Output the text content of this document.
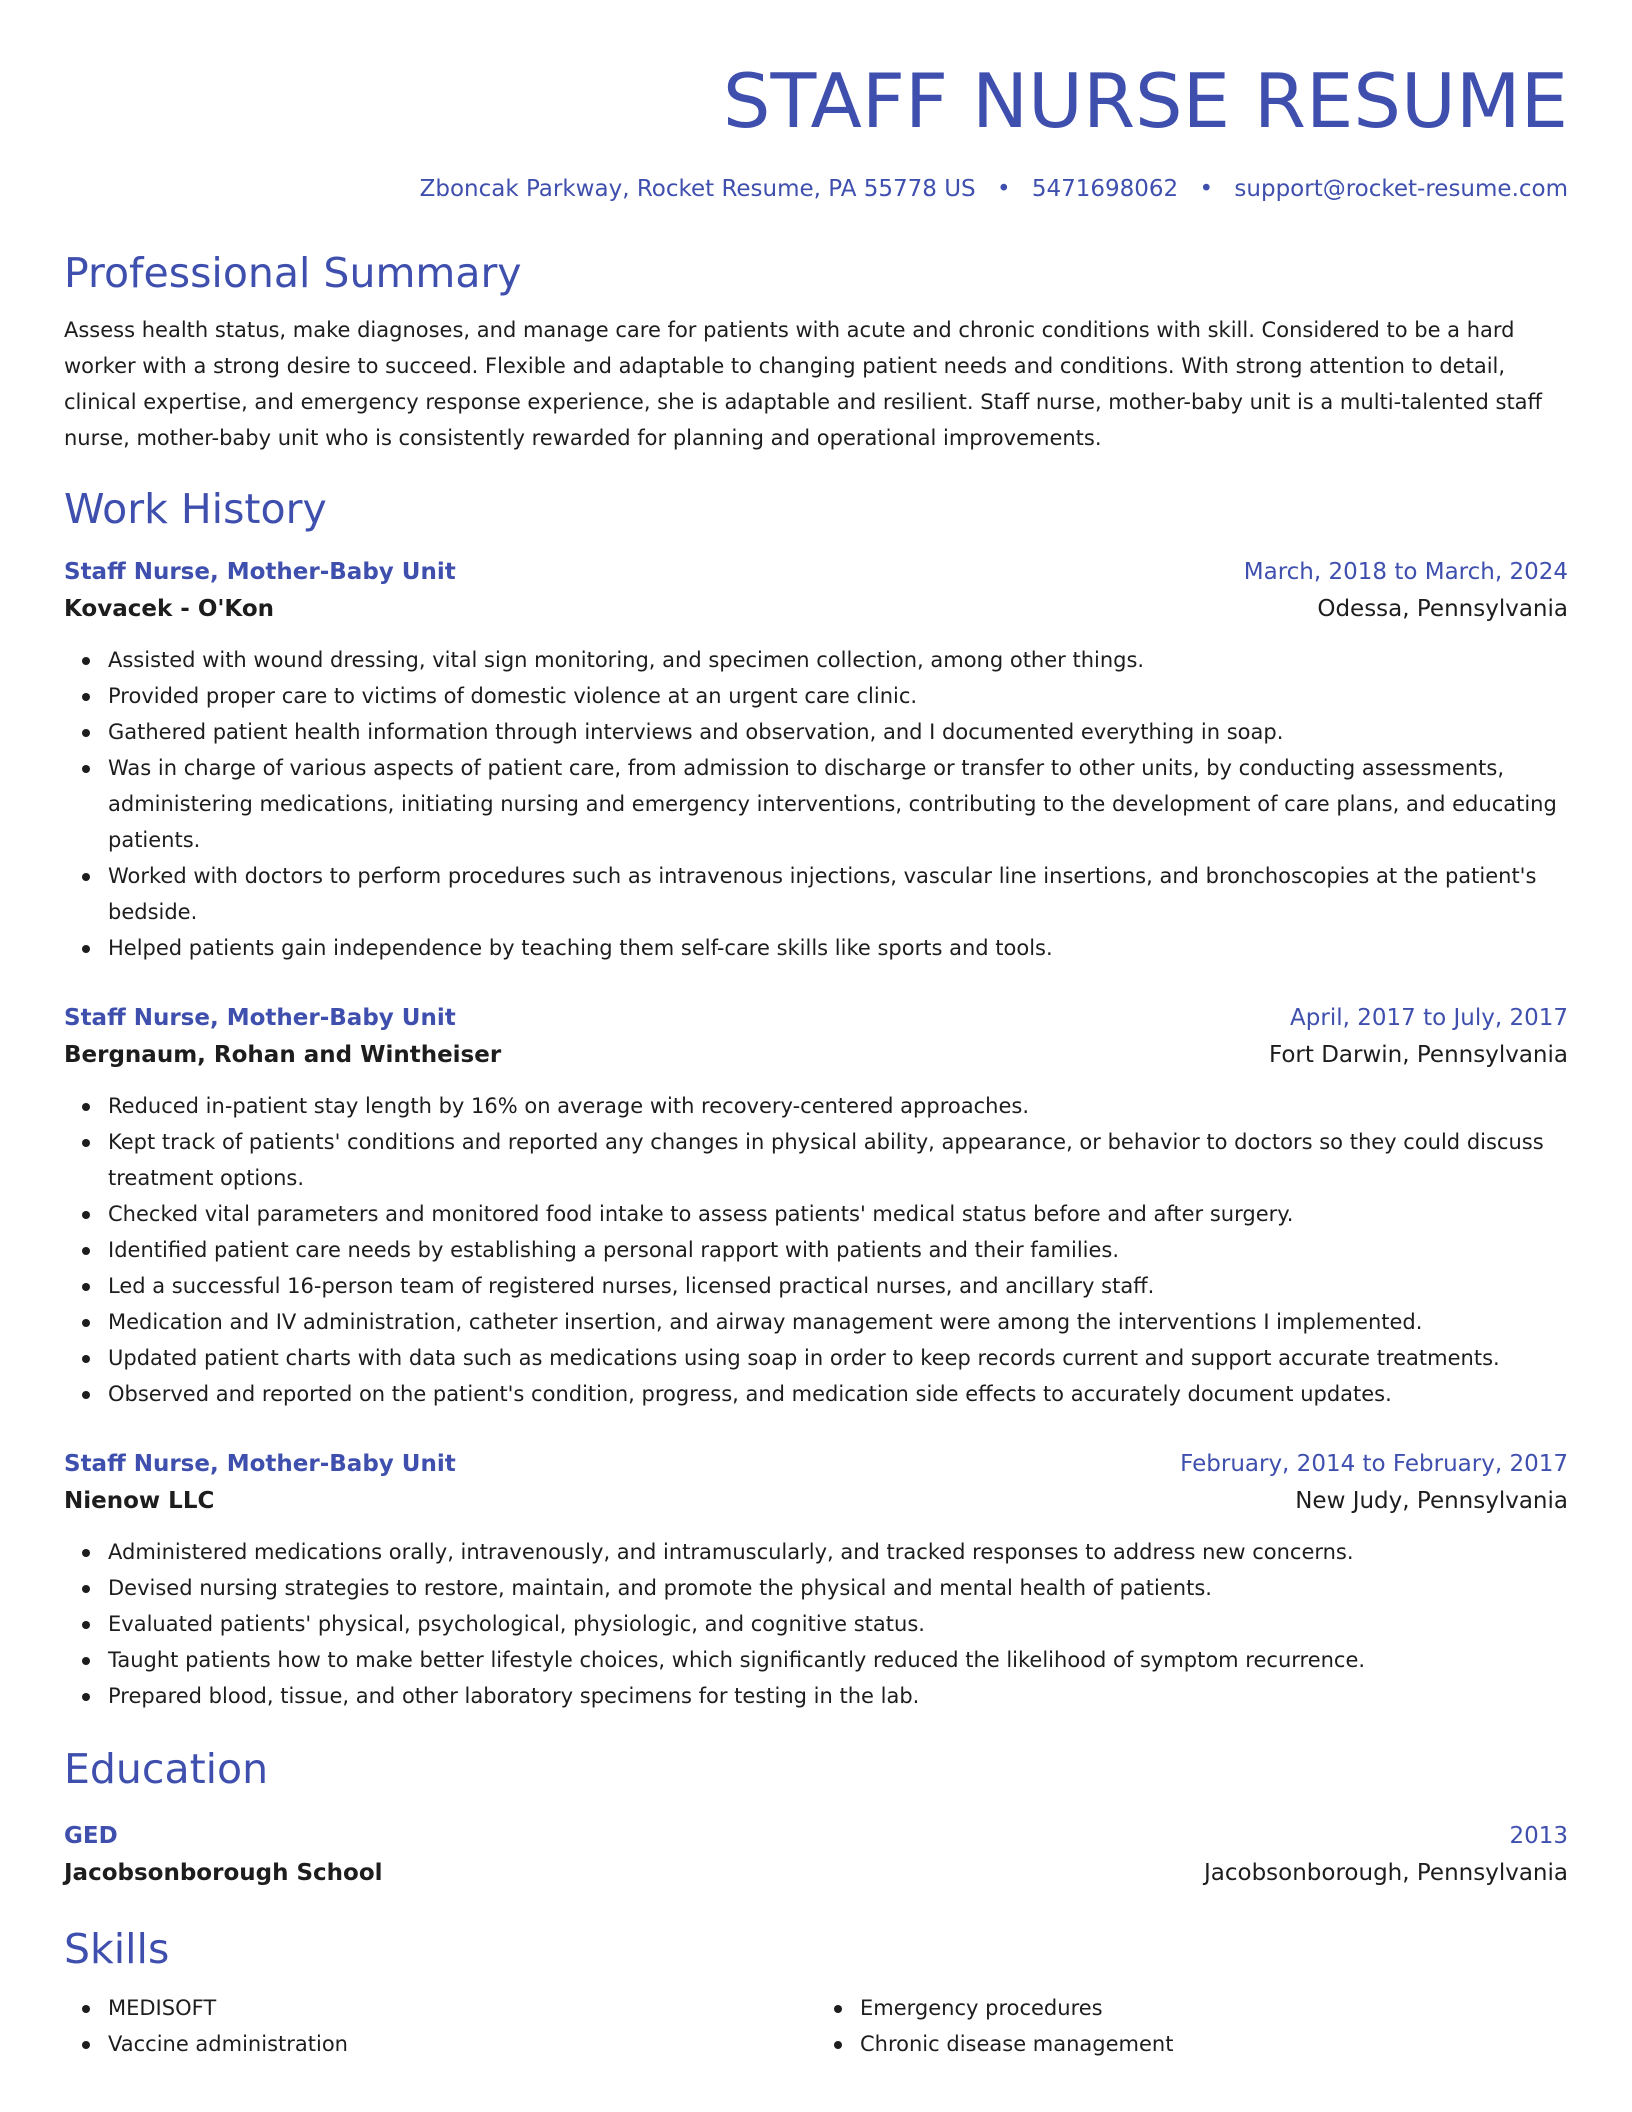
STAFF NURSE RESUME
Zboncak Parkway, Rocket Resume, PA 55778 US • 5471698062 • support@rocket-resume.com
Professional Summary
Assess health status, make diagnoses, and manage care for patients with acute and chronic conditions with skill. Considered to be a hard worker with a strong desire to succeed. Flexible and adaptable to changing patient needs and conditions. With strong attention to detail, clinical expertise, and emergency response experience, she is adaptable and resilient. Staff nurse, mother-baby unit is a multi-talented staff nurse, mother-baby unit who is consistently rewarded for planning and operational improvements.
Work History
Staff Nurse, Mother-Baby Unit	March, 2018 to March, 2024
Kovacek - O'Kon	Odessa, Pennsylvania
Assisted with wound dressing, vital sign monitoring, and specimen collection, among other things.
Provided proper care to victims of domestic violence at an urgent care clinic.
Gathered patient health information through interviews and observation, and I documented everything in soap.
Was in charge of various aspects of patient care, from admission to discharge or transfer to other units, by conducting assessments, administering medications, initiating nursing and emergency interventions, contributing to the development of care plans, and educating patients.
Worked with doctors to perform procedures such as intravenous injections, vascular line insertions, and bronchoscopies at the patient's bedside.
Helped patients gain independence by teaching them self-care skills like sports and tools.
Staff Nurse, Mother-Baby Unit	April, 2017 to July, 2017
Bergnaum, Rohan and Wintheiser	Fort Darwin, Pennsylvania
Reduced in-patient stay length by 16% on average with recovery-centered approaches.
Kept track of patients' conditions and reported any changes in physical ability, appearance, or behavior to doctors so they could discuss treatment options.
Checked vital parameters and monitored food intake to assess patients' medical status before and after surgery.
Identified patient care needs by establishing a personal rapport with patients and their families.
Led a successful 16-person team of registered nurses, licensed practical nurses, and ancillary staff.
Medication and IV administration, catheter insertion, and airway management were among the interventions I implemented.
Updated patient charts with data such as medications using soap in order to keep records current and support accurate treatments.
Observed and reported on the patient's condition, progress, and medication side effects to accurately document updates.
Staff Nurse, Mother-Baby Unit	February, 2014 to February, 2017
Nienow LLC	New Judy, Pennsylvania
Administered medications orally, intravenously, and intramuscularly, and tracked responses to address new concerns.
Devised nursing strategies to restore, maintain, and promote the physical and mental health of patients.
Evaluated patients' physical, psychological, physiologic, and cognitive status.
Taught patients how to make better lifestyle choices, which significantly reduced the likelihood of symptom recurrence.
Prepared blood, tissue, and other laboratory specimens for testing in the lab.
Education
GED	2013
Jacobsonborough School	Jacobsonborough, Pennsylvania
Skills
MEDISOFT
Vaccine administration
Emergency procedures
Chronic disease management
